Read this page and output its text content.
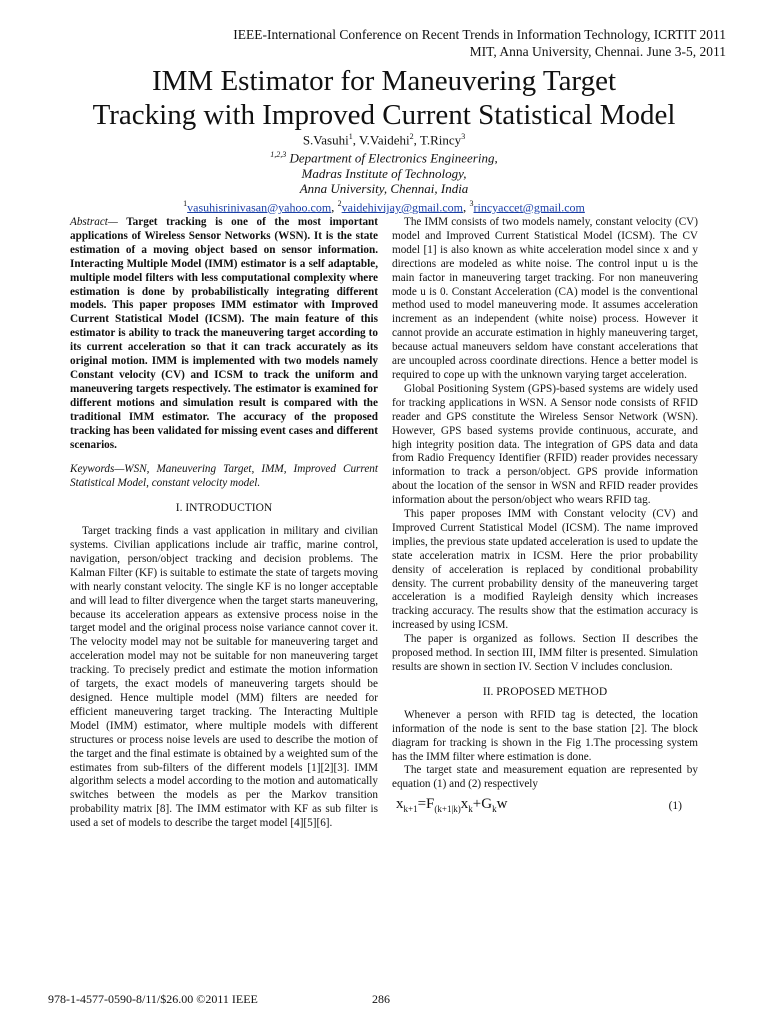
IEEE-International Conference on Recent Trends in Information Technology, ICRTIT 2011
MIT, Anna University, Chennai. June 3-5, 2011
IMM Estimator for Maneuvering Target
Tracking with Improved Current Statistical Model
S.Vasuhi$^1$, V.Vaidehi$^2$, T.Rincy$^3$
$^{1,2,3}$ Department of Electronics Engineering,
Madras Institute of Technology,
Anna University, Chennai, India
$^1$vasuhisrinivasan@yahoo.com, $^2$vaidehivijay@gmail.com, $^3$rincyaccet@gmail.com
Abstract— Target tracking is one of the most important applications of Wireless Sensor Networks (WSN). It is the state estimation of a moving object based on sensor information. Interacting Multiple Model (IMM) estimator is a self adaptable, multiple model filters with less computational complexity where estimation is done by probabilistically integrating different models. This paper proposes IMM estimator with Improved Current Statistical Model (ICSM). The main feature of this estimator is ability to track the maneuvering target according to its current acceleration so that it can track accurately as its original motion. IMM is implemented with two models namely Constant velocity (CV) and ICSM to track the uniform and maneuvering targets respectively. The estimator is examined for different motions and simulation result is compared with the traditional IMM estimator. The accuracy of the proposed tracking has been validated for missing event cases and different scenarios.
Keywords—WSN, Maneuvering Target, IMM, Improved Current Statistical Model, constant velocity model.
I. INTRODUCTION

Target tracking finds a vast application in military and civilian systems. Civilian applications include air traffic, marine control, navigation, person/object tracking and decision problems. The Kalman Filter (KF) is suitable to estimate the state of targets moving with nearly constant velocity. The single KF is no longer acceptable and will lead to filter divergence when the target starts maneuvering, because its acceleration appears as extensive process noise in the target model and the original process noise variance cannot cover it. The velocity model may not be suitable for maneuvering target and acceleration model may not be suitable for non maneuvering target tracking. To precisely predict and estimate the motion information of targets, the exact models of maneuvering targets should be designed. Hence multiple model (MM) filters are needed for efficient maneuvering target tracking. The Interacting Multiple Model (IMM) estimator, where multiple models with different structures or process noise levels are used to describe the motion of the target and the final estimate is obtained by a weighted sum of the estimates from sub-filters of the different models [1][2][3]. IMM algorithm selects a model according to the motion and automatically switches between the models as per the Markov transition probability matrix [8]. The IMM estimator with KF as sub filter is used a set of models to describe the target model [4][5][6].

The IMM consists of two models namely, constant velocity (CV) model and Improved Current Statistical Model (ICSM). The CV model [1] is also known as white acceleration model since x and y directions are modeled as white noise. The control input u is the main factor in maneuvering target tracking. For non maneuvering mode u is 0. Constant Acceleration (CA) model is the conventional method used to model maneuvering mode. It assumes acceleration increment as an independent (white noise) process. However it cannot provide an accurate estimation in highly maneuvering target, because actual maneuvers seldom have constant accelerations that are uncoupled across coordinate directions. Hence a better model is required to cope up with the unknown varying target acceleration.

Global Positioning System (GPS)-based systems are widely used for tracking applications in WSN. A Sensor node consists of RFID reader and GPS constitute the Wireless Sensor Network (WSN). However, GPS based systems provide continuous, accurate, and high integrity position data. The integration of GPS data and data from Radio Frequency Identifier (RFID) reader provides necessary information to track a person/object. GPS provide information about the location of the sensor in WSN and RFID reader provides information about the person/object who wears RFID tag.

This paper proposes IMM with Constant velocity (CV) and Improved Current Statistical Model (ICSM). The name improved implies, the previous state updated acceleration is used to update the state acceleration matrix in ICSM. Here the prior probability density of acceleration is replaced by conditional probability density. The current probability density of the maneuvering target acceleration is a modified Rayleigh density which increases tracking accuracy. The results show that the estimation accuracy is increased by using ICSM.

The paper is organized as follows. Section II describes the proposed method. In section III, IMM filter is presented. Simulation results are shown in section IV. Section V includes conclusion.

II. PROPOSED METHOD

Whenever a person with RFID tag is detected, the location information of the node is sent to the base station [2]. The block diagram for tracking is shown in the Fig 1.The processing system has the IMM filter where estimation is done.

The target state and measurement equation are represented by equation (1) and (2) respectively

$x_{k+1}=F_{(k+1|k)}x_k+G_kw$	(1)
978-1-4577-0590-8/11/$26.00 ©2011 IEEE	286
